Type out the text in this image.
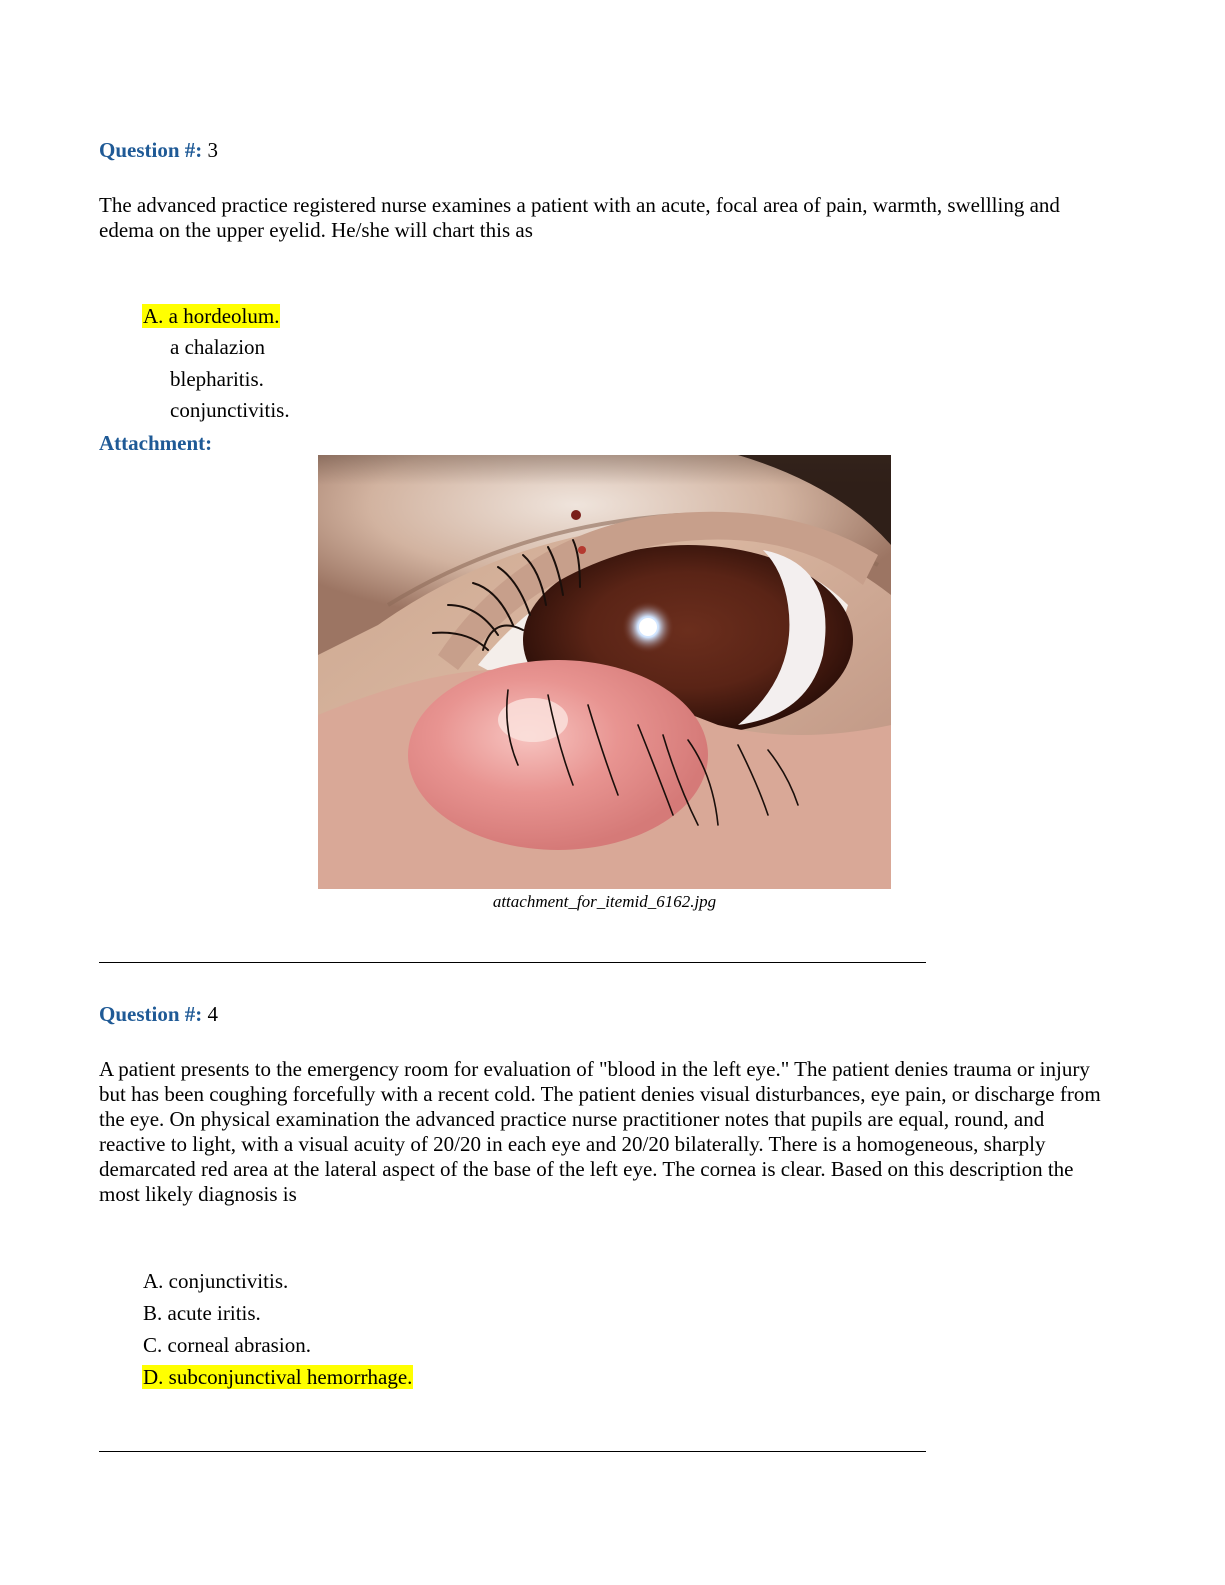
Question #: 3
The advanced practice registered nurse examines a patient with an acute, focal area of pain, warmth, swellling and edema on the upper eyelid. He/she will chart this as
A. a hordeolum.
a chalazion
blepharitis.
conjunctivitis.
Attachment:
attachment_for_itemid_6162.jpg
Question #: 4
A patient presents to the emergency room for evaluation of "blood in the left eye." The patient denies trauma or injury but has been coughing forcefully with a recent cold. The patient denies visual disturbances, eye pain, or discharge from the eye. On physical examination the advanced practice nurse practitioner notes that pupils are equal, round, and reactive to light, with a visual acuity of 20/20 in each eye and 20/20 bilaterally. There is a homogeneous, sharply demarcated red area at the lateral aspect of the base of the left eye. The cornea is clear. Based on this description the most likely diagnosis is
A. conjunctivitis.
B. acute iritis.
C. corneal abrasion.
D. subconjunctival hemorrhage.
